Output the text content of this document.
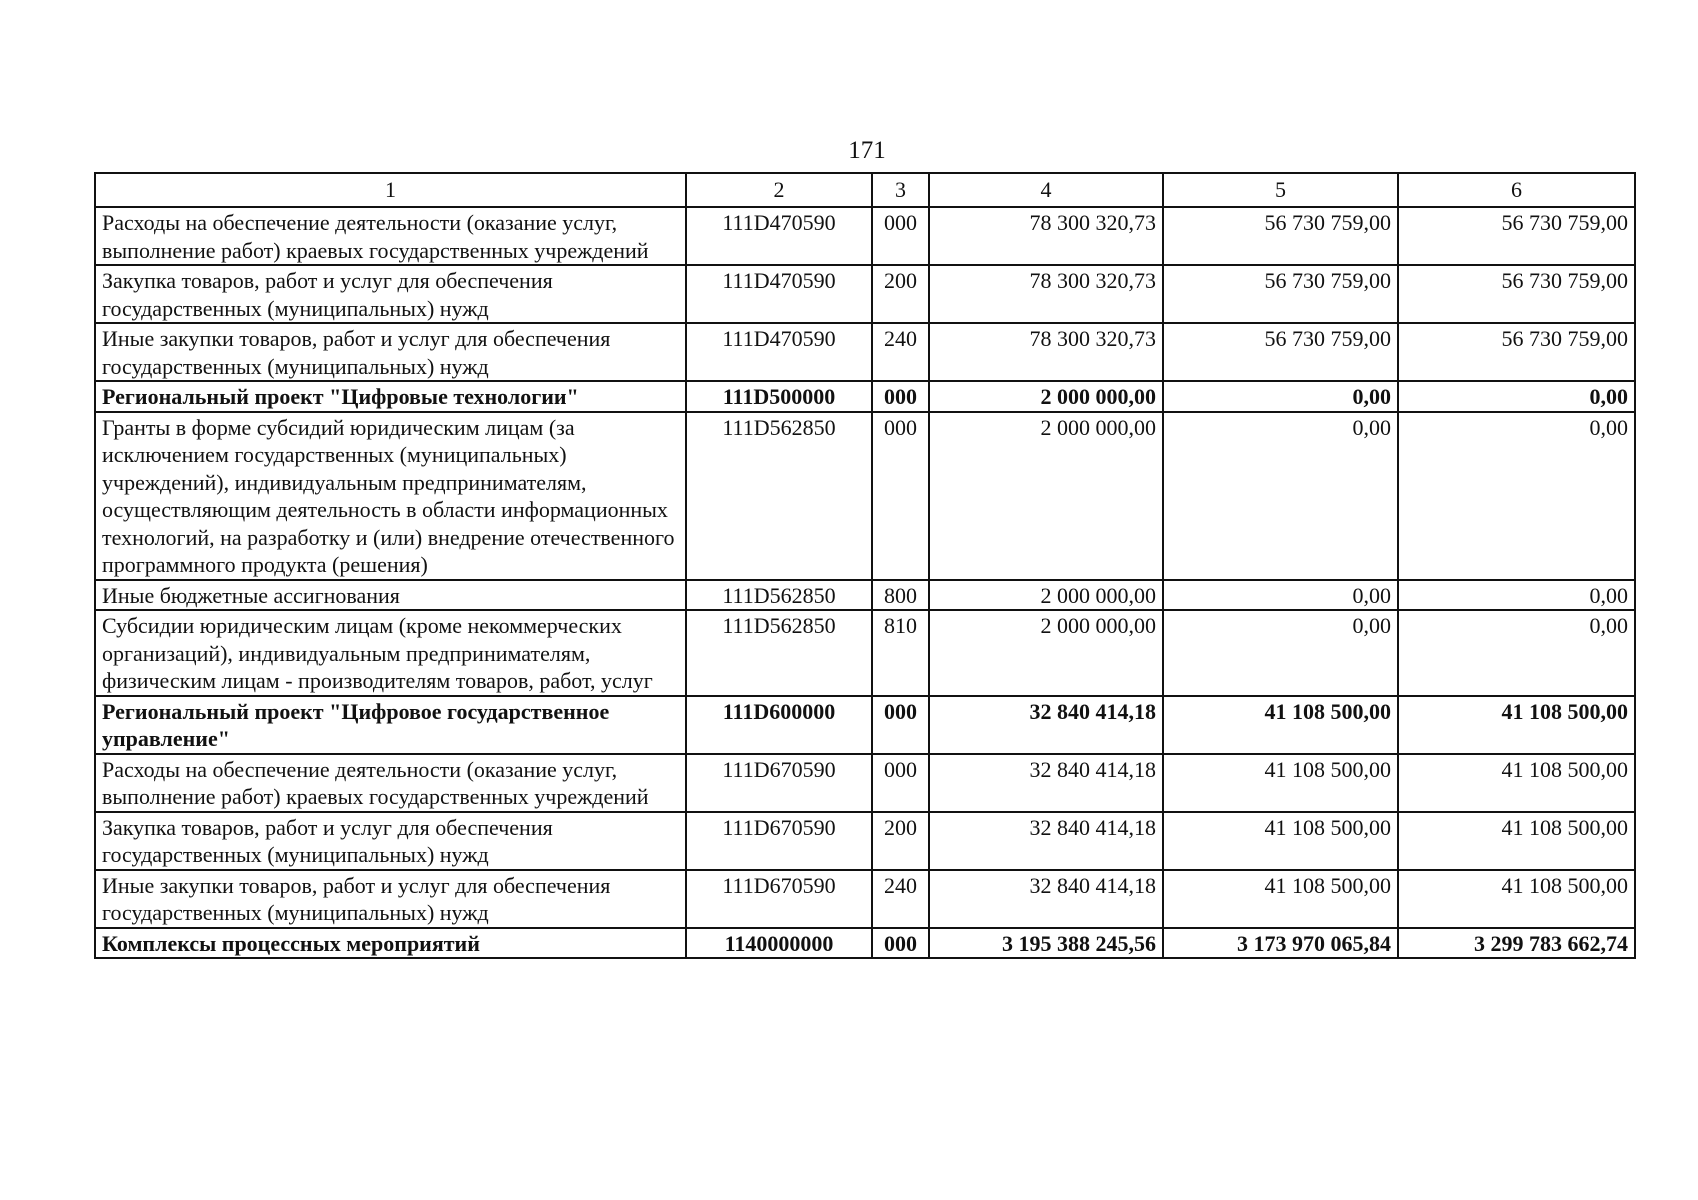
171
1	2	3	4	5	6
Расходы на обеспечение деятельности (оказание услуг, выполнение работ) краевых государственных учреждений	111D470590	000	78 300 320,73	56 730 759,00	56 730 759,00
Закупка товаров, работ и услуг для обеспечения государственных (муниципальных) нужд	111D470590	200	78 300 320,73	56 730 759,00	56 730 759,00
Иные закупки товаров, работ и услуг для обеспечения государственных (муниципальных) нужд	111D470590	240	78 300 320,73	56 730 759,00	56 730 759,00
Региональный проект "Цифровые технологии"	111D500000	000	2 000 000,00	0,00	0,00
Гранты в форме субсидий юридическим лицам (за исключением государственных (муниципальных) учреждений), индивидуальным предпринимателям, осуществляющим деятельность в области информационных технологий, на разработку и (или) внедрение отечественного программного продукта (решения)	111D562850	000	2 000 000,00	0,00	0,00
Иные бюджетные ассигнования	111D562850	800	2 000 000,00	0,00	0,00
Субсидии юридическим лицам (кроме некоммерческих организаций), индивидуальным предпринимателям, физическим лицам - производителям товаров, работ, услуг	111D562850	810	2 000 000,00	0,00	0,00
Региональный проект "Цифровое государственное управление"	111D600000	000	32 840 414,18	41 108 500,00	41 108 500,00
Расходы на обеспечение деятельности (оказание услуг, выполнение работ) краевых государственных учреждений	111D670590	000	32 840 414,18	41 108 500,00	41 108 500,00
Закупка товаров, работ и услуг для обеспечения государственных (муниципальных) нужд	111D670590	200	32 840 414,18	41 108 500,00	41 108 500,00
Иные закупки товаров, работ и услуг для обеспечения государственных (муниципальных) нужд	111D670590	240	32 840 414,18	41 108 500,00	41 108 500,00
Комплексы процессных мероприятий	1140000000	000	3 195 388 245,56	3 173 970 065,84	3 299 783 662,74
